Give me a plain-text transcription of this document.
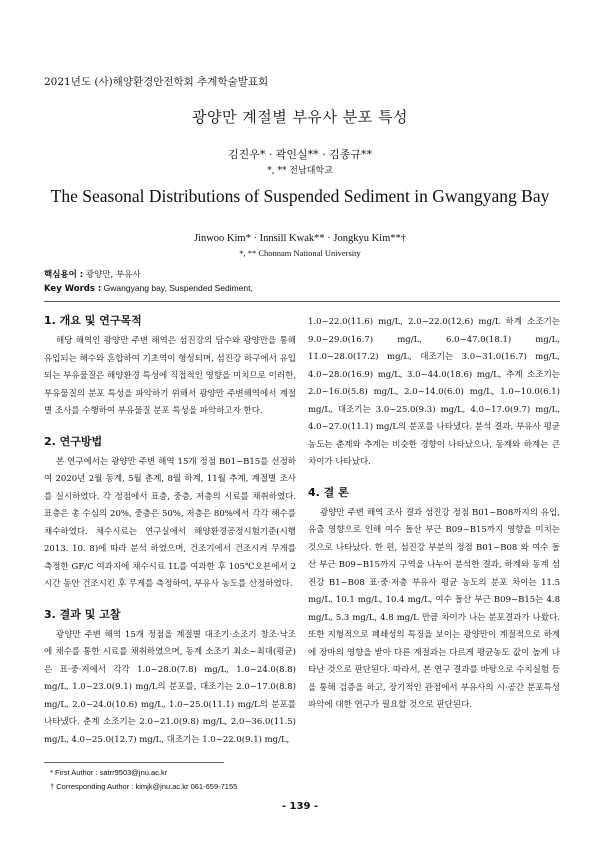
2021년도 (사)해양환경안전학회 추계학술발표회
광양만 계절별 부유사 분포 특성
김진우* · 곽인실** · 김종규**
*, ** 전남대학교
The Seasonal Distributions of Suspended Sediment in Gwangyang Bay
Jinwoo Kim* · Innsill Kwak** · Jongkyu Kim**†
*, ** Chonnam National University
핵심용어 : 광양만, 부유사
Key Words : Gwangyang bay, Suspended Sediment,
1. 개요 및 연구목적

해당 해역인 광양만 주변 해역은 섬진강의 담수와 광양만을 통해 유입되는 해수와 혼합하여 기초역이 형성되며, 섬진강 하구에서 유입되는 부유물질은 해양환경 특성에 직접적인 영향을 미치므로 이러한, 부유물질의 분포 특성을 파악하기 위해서 광양만 주변해역에서 계절별 조사를 수행하여 부유물질 분포 특성을 파악하고자 한다.

2. 연구방법

본 연구에서는 광양만 주변 해역 15개 정점 B01~B15를 선정하여 2020년 2월 동계, 5월 춘계, 8월 하계, 11월 추계, 계절별 조사를 실시하였다. 각 정점에서 표층, 중층, 저층의 시료를 채취하였다. 표층은 총 수심의 20%, 중층은 50%, 저층은 80%에서 각각 해수를 채수하였다. 채수시료는 연구실에서 해양환경공정시험기준(시행 2013. 10. 8)에 따라 분석 하였으며, 건조기에서 건조시켜 무게를 측정한 GF/C 여과지에 채수시료 1L를 여과한 후 105℃오븐에서 2시간 동안 건조시킨 후 무게를 측정하여, 부유사 농도를 산정하였다.

3. 결과 및 고찰

광양만 주변 해역 15개 정점을 계절별 대조기·소조기 창조·낙조에 채수를 통한 시료를 채취하였으며, 동계 소조기 최소~최대(평균)은 표·중·저에서 각각 1.0~28.0(7.8) mg/L, 1.0~24.0(8.8) mg/L, 1.0~23.0(9.1) mg/L의 분포를, 대조기는 2.0~17.0(8.8) mg/L, 2.0~24.0(10.6) mg/L, 1.0~25.0(11.1) mg/L의 분포를 나타냈다. 춘계 소조기는 2.0~21.0(9.8) mg/L, 2.0~36.0(11.5) mg/L, 4.0~25.0(12.7) mg/L, 대조기는 1.0~22.0(9.1) mg/L,

1.0~22.0(11.6) mg/L, 2.0~22.0(12.6) mg/L 하계 소조기는 9.0~29.0(16.7) mg/L, 6.0~47.0(18.1) mg/L, 11.0~28.0(17.2) mg/L, 대조기는 3.0~31.0(16.7) mg/L, 4.0~28.0(16.9) mg/L, 3.0~44.0(18.6) mg/L, 추계 소조기는 2.0~16.0(5.8) mg/L, 2.0~14.0(6.0) mg/L, 1.0~10.0(6.1) mg/L, 대조기는 3.0~25.0(9.3) mg/L, 4.0~17.0(9.7) mg/L, 4.0~27.0(11.1) mg/L의 분포를 나타냈다. 분석 결과, 부유사 평균농도는 춘계와 추계는 비슷한 경향이 나타났으나, 동계와 하계는 큰 차이가 나타났다.

4. 결 론

광양만 주변 해역 조사 결과 섬진강 정점 B01~B08까지의 유입, 유출 영향으로 인해 여수 돌산 부근 B09~B15까지 영향을 미치는 것으로 나타났다. 한 편, 섬진강 부분의 정점 B01~B08 와 여수 돌산 부근 B09~B15까지 구역을 나누어 분석한 결과, 하계와 동계 섬진강 B1~B08 표·중·저층 부유사 평균 농도의 분포 차이는 11.5 mg/L, 10.1 mg/L, 10.4 mg/L, 여수 돌산 부근 B09~B15는 4.8 mg/L, 5.3 mg/L, 4.8 mg/L 만큼 차이가 나는 분포결과가 나왔다. 또한 지형적으로 폐쇄성의 특징을 보이는 광양만이 계절적으로 하계에 장마의 영향을 받아 다른 계절과는 다르게 평균농도 값이 높게 나타난 것으로 판단된다. 따라서, 본 연구 결과를 바탕으로 수치실험 등을 통해 검증을 하고, 장기적인 관점에서 부유사의 시·공간 분포특성 파악에 대한 연구가 필요할 것으로 판단된다.

* First Author : satrr9503@jnu.ac.kr
† Corresponding Author : kimjk@jnu.ac.kr 061-659-7155
- 139 -
